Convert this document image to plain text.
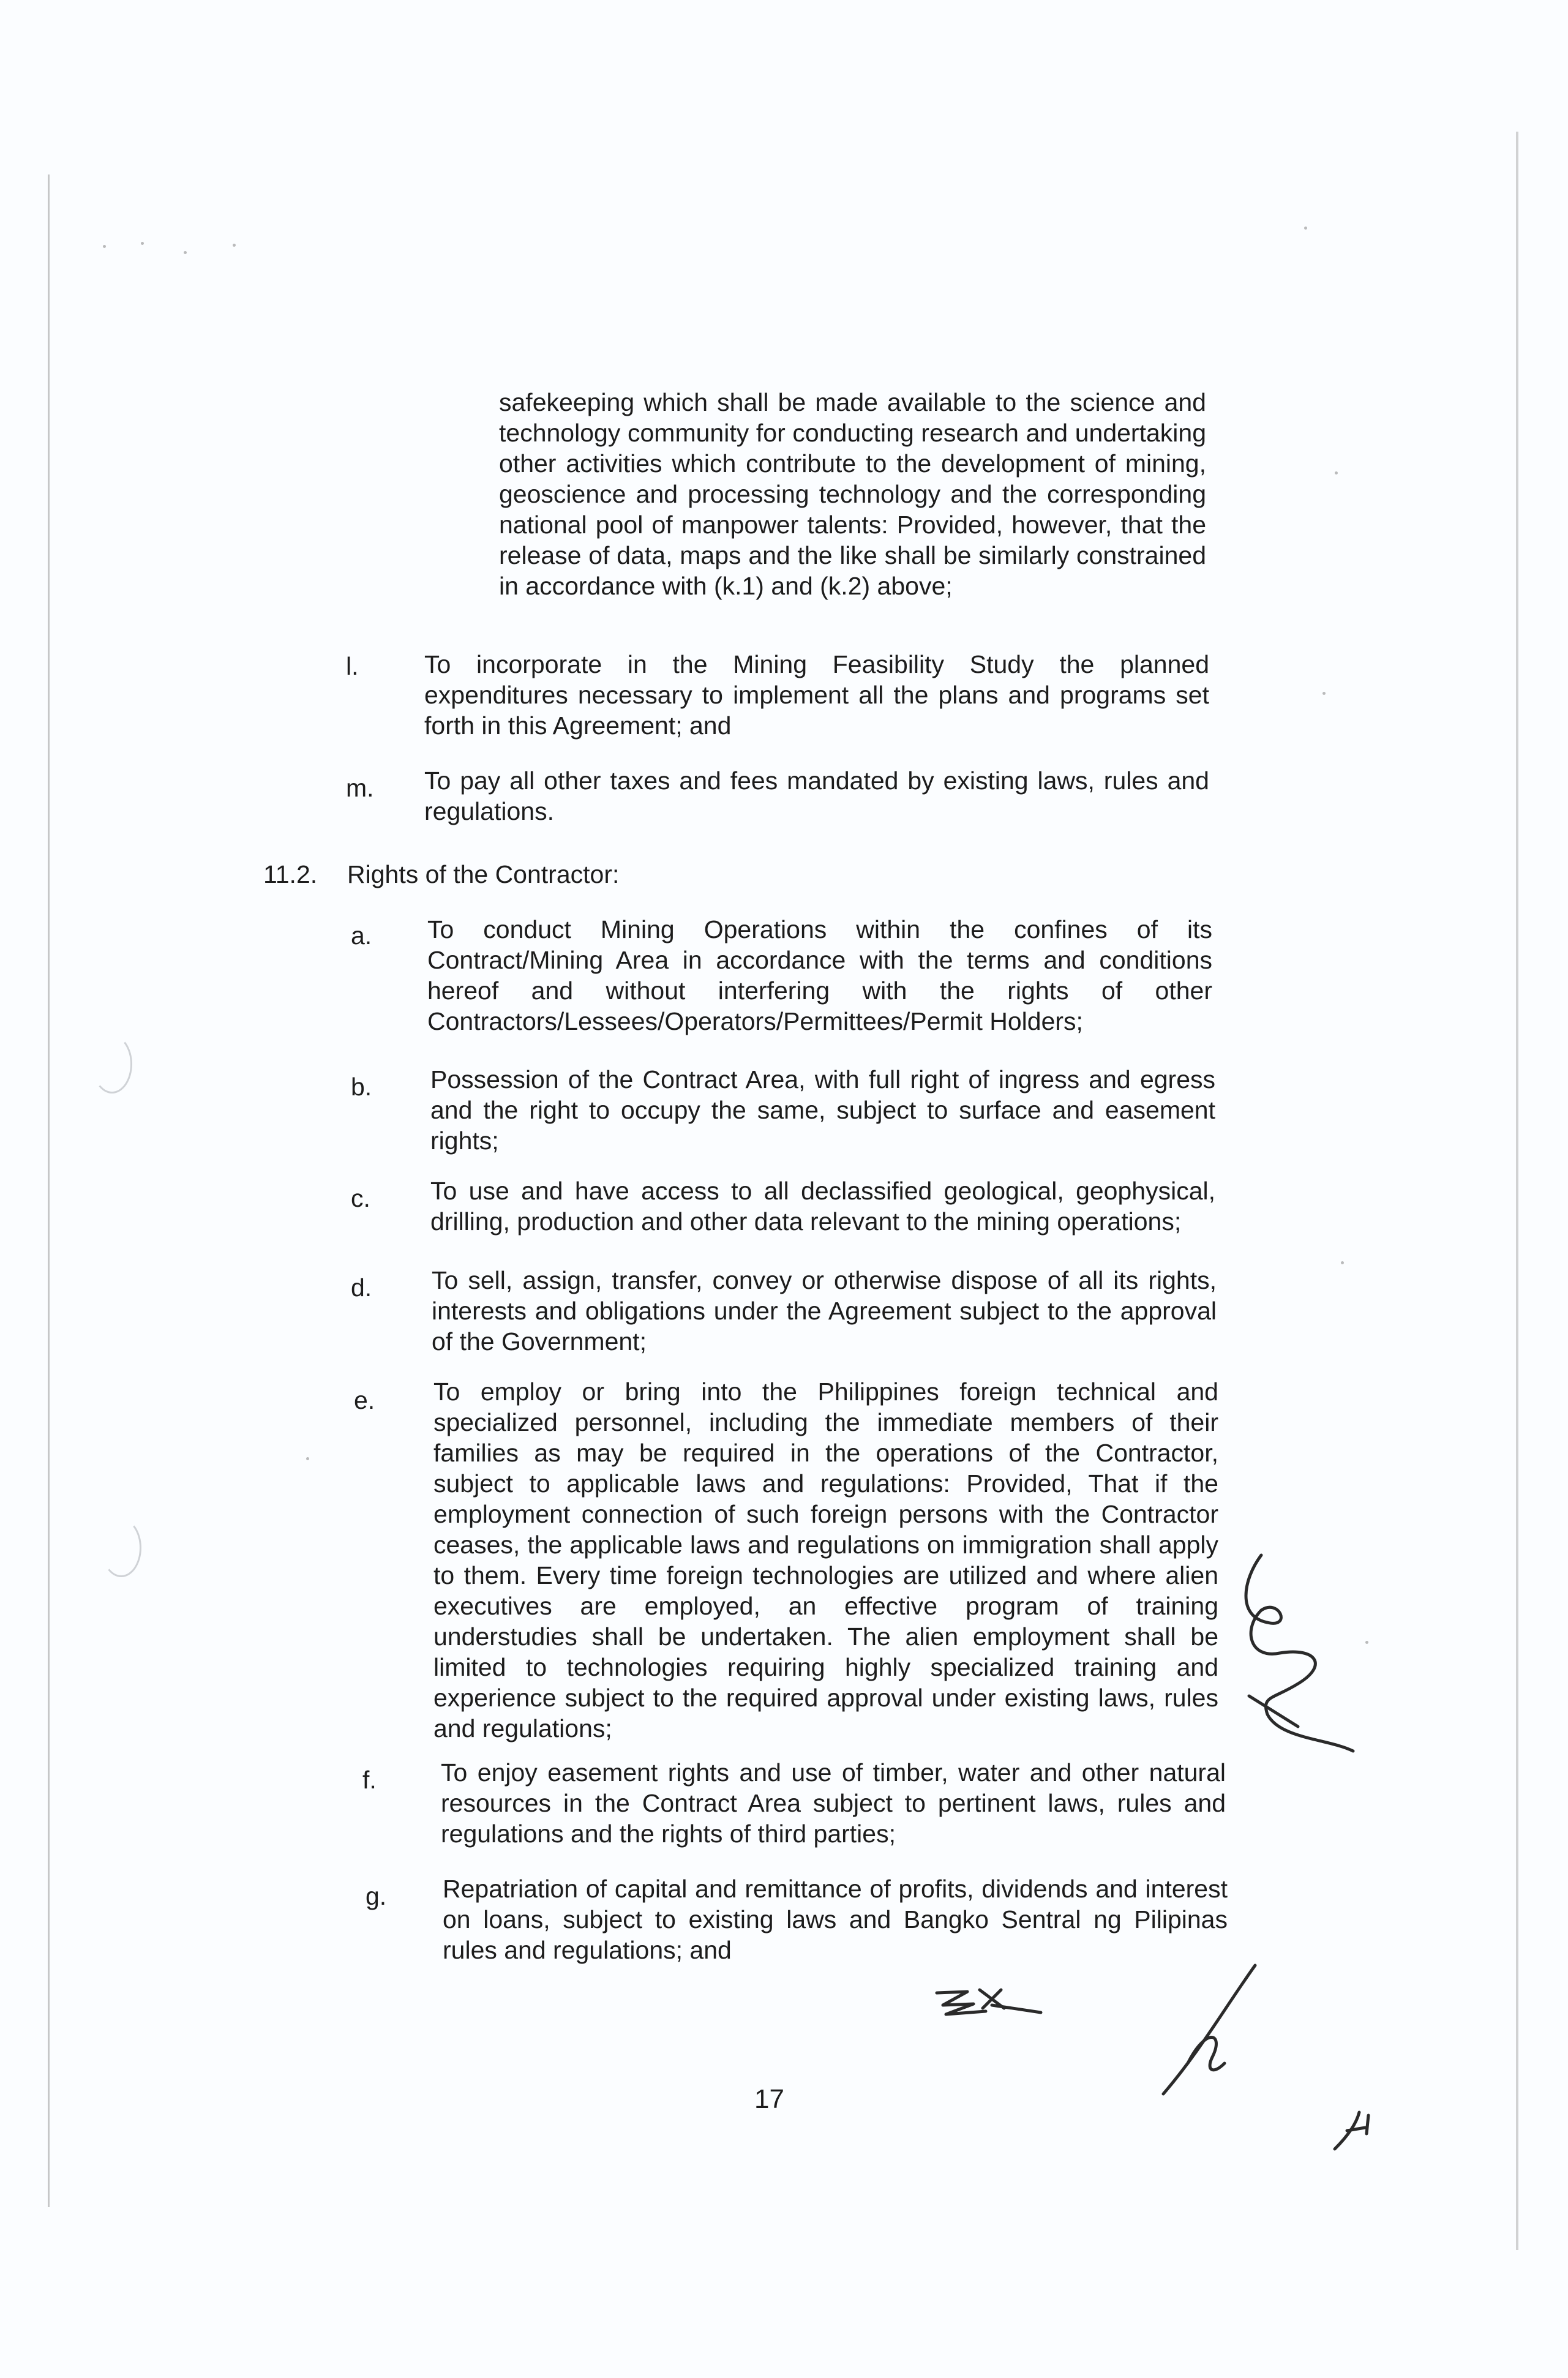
safekeeping which shall be made available to the science and technology community for conducting research and undertaking other activities which contribute to the development of mining, geoscience and processing technology and the corresponding national pool of manpower talents: Provided, however, that the release of data, maps and the like shall be similarly constrained in accordance with (k.1) and (k.2) above;
l.	To incorporate in the Mining Feasibility Study the planned expenditures necessary to implement all the plans and programs set forth in this Agreement; and
m. To pay all other taxes and fees mandated by existing laws, rules and regulations.
11.2. Rights of the Contractor:
a. To conduct Mining Operations within the confines of its Contract/Mining Area in accordance with the terms and conditions hereof and without interfering with the rights of other Contractors/Lessees/Operators/Permittees/Permit Holders;
b. Possession of the Contract Area, with full right of ingress and egress and the right to occupy the same, subject to surface and easement rights;
c. To use and have access to all declassified geological, geophysical, drilling, production and other data relevant to the mining operations;
d. To sell, assign, transfer, convey or otherwise dispose of all its rights, interests and obligations under the Agreement subject to the approval of the Government;
e. To employ or bring into the Philippines foreign technical and specialized personnel, including the immediate members of their families as may be required in the operations of the Contractor, subject to applicable laws and regulations: Provided, That if the employment connection of such foreign persons with the Contractor ceases, the applicable laws and regulations on immigration shall apply to them. Every time foreign technologies are utilized and where alien executives are employed, an effective program of training understudies shall be undertaken. The alien employment shall be limited to technologies requiring highly specialized training and experience subject to the required approval under existing laws, rules and regulations;
f.	To enjoy easement rights and use of timber, water and other natural resources in the Contract Area subject to pertinent laws, rules and regulations and the rights of third parties;
g. Repatriation of capital and remittance of profits, dividends and interest on loans, subject to existing laws and Bangko Sentral ng Pilipinas rules and regulations; and
17
